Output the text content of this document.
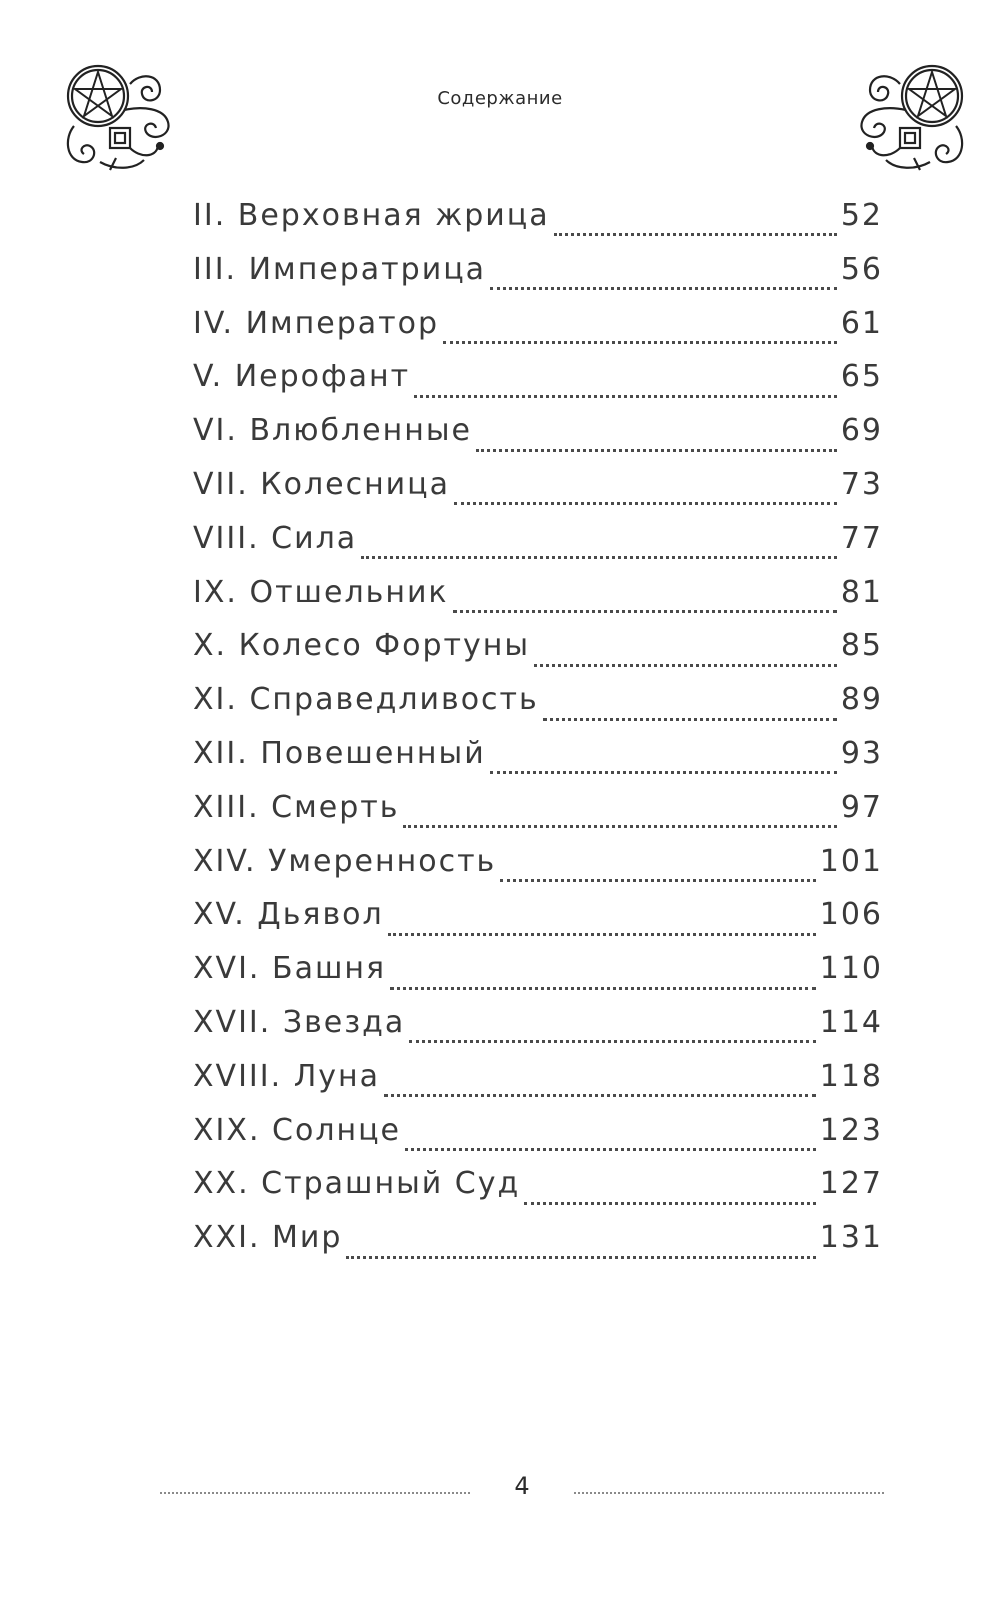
Содержание
II. Верховная жрица	52
III. Императрица	56
IV. Император	61
V. Иерофант	65
VI. Влюбленные	69
VII. Колесница	73
VIII. Сила	77
IX. Отшельник	81
X. Колесо Фортуны	85
XI. Справедливость	89
XII. Повешенный	93
XIII. Смерть	97
XIV. Умеренность	101
XV. Дьявол	106
XVI. Башня	110
XVII. Звезда	114
XVIII. Луна	118
XIX. Солнце	123
XX. Страшный Суд	127
XXI. Мир	131
4
